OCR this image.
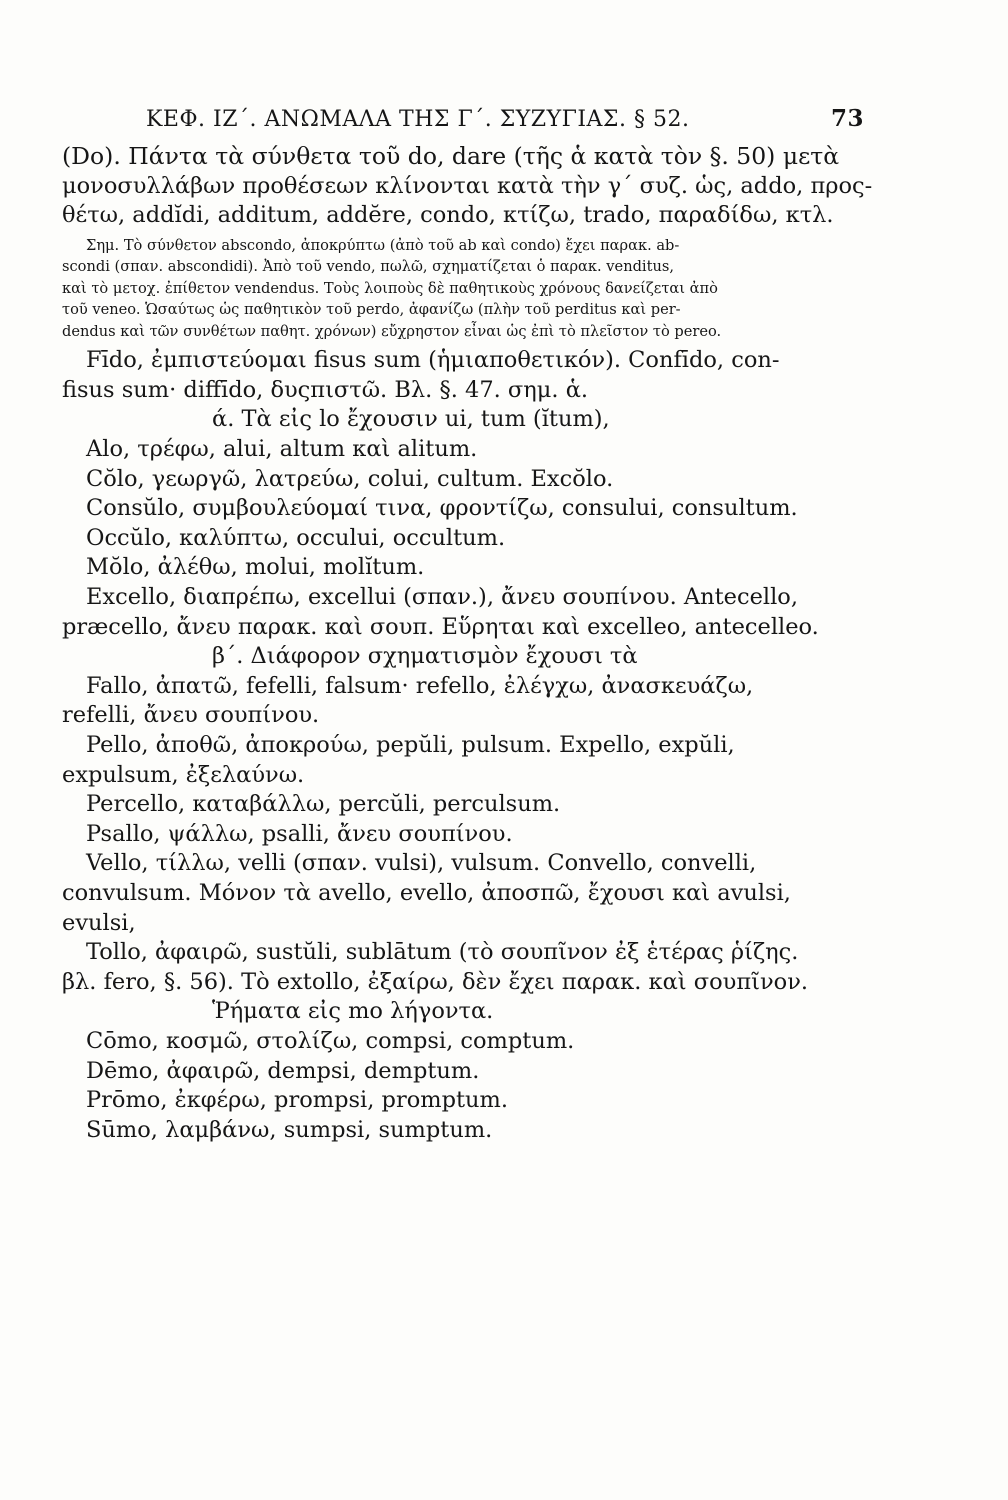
ΚΕΦ. ΙΖ΄. ΑΝΩΜΑΛΑ ΤΗΣ Γ΄. ΣΥΖΥΓΙΑΣ. § 52.	73
(Do). Πάντα τὰ σύνθετα τοῦ do, dare (τῆς ἁ κατὰ τὸν §. 50) μετὰ
μονοσυλλάβων προθέσεων κλίνονται κατὰ τὴν γ΄ συζ. ὡς, addo, προς-
θέτω, addĭdi, additum, addĕre, condo, κτίζω, trado, παραδίδω, κτλ.
Σημ. Τὸ σύνθετον abscondo, ἀποκρύπτω (ἀπὸ τοῦ ab καὶ condo) ἔχει παρακ. ab-
scondi (σπαν. abscondidi). Ἀπὸ τοῦ vendo, πωλῶ, σχηματίζεται ὁ παρακ. venditus,
καὶ τὸ μετοχ. ἐπίθετον vendendus. Τοὺς λοιποὺς δὲ παθητικοὺς χρόνους δανείζεται ἀπὸ
τοῦ veneo. Ὡσαύτως ὡς παθητικὸν τοῦ perdo, ἀφανίζω (πλὴν τοῦ perditus καὶ per-
dendus καὶ τῶν συνθέτων παθητ. χρόνων) εὔχρηστον εἶναι ὡς ἐπὶ τὸ πλεῖστον τὸ pereo.
Fīdo, ἐμπιστεύομαι fisus sum (ἡμιαποθετικόν). Confīdo, con-
fisus sum· diffīdo, δυςπιστῶ. Βλ. §. 47. σημ. ἁ.
ά. Τὰ εἰς lo ἔχουσιν ui, tum (ĭtum),
Alo, τρέφω, alui, altum καὶ alitum.
Cŏlo, γεωργῶ, λατρεύω, colui, cultum. Excŏlo.
Consŭlo, συμβουλεύομαί τινα, φροντίζω, consului, consultum.
Occŭlo, καλύπτω, occului, occultum.
Mŏlo, ἀλέθω, molui, molĭtum.
Excello, διαπρέπω, excellui (σπαν.), ἄνευ σουπίνου. Antecello,
præcello, ἄνευ παρακ. καὶ σουπ. Εὕρηται καὶ excelleo, antecelleo.
β΄. Διάφορον σχηματισμὸν ἔχουσι τὰ
Fallo, ἀπατῶ, fefelli, falsum· refello, ἐλέγχω, ἀνασκευάζω,
refelli, ἄνευ σουπίνου.
Pello, ἀποθῶ, ἀποκρούω, pepŭli, pulsum. Expello, expŭli,
expulsum, ἐξελαύνω.
Percello, καταβάλλω, percŭli, perculsum.
Psallo, ψάλλω, psalli, ἄνευ σουπίνου.
Vello, τίλλω, velli (σπαν. vulsi), vulsum. Convello, convelli,
convulsum. Μόνον τὰ avello, evello, ἀποσπῶ, ἔχουσι καὶ avulsi,
evulsi,
Tollo, ἀφαιρῶ, sustŭli, sublātum (τὸ σουπῖνον ἐξ ἑτέρας ῥίζης.
βλ. fero, §. 56). Τὸ extollo, ἐξαίρω, δὲν ἔχει παρακ. καὶ σουπῖνον.
Ῥήματα εἰς mo λήγοντα.
Cōmo, κοσμῶ, στολίζω, compsi, comptum.
Dēmo, ἀφαιρῶ, dempsi, demptum.
Prōmo, ἐκφέρω, prompsi, promptum.
Sūmo, λαμβάνω, sumpsi, sumptum.
